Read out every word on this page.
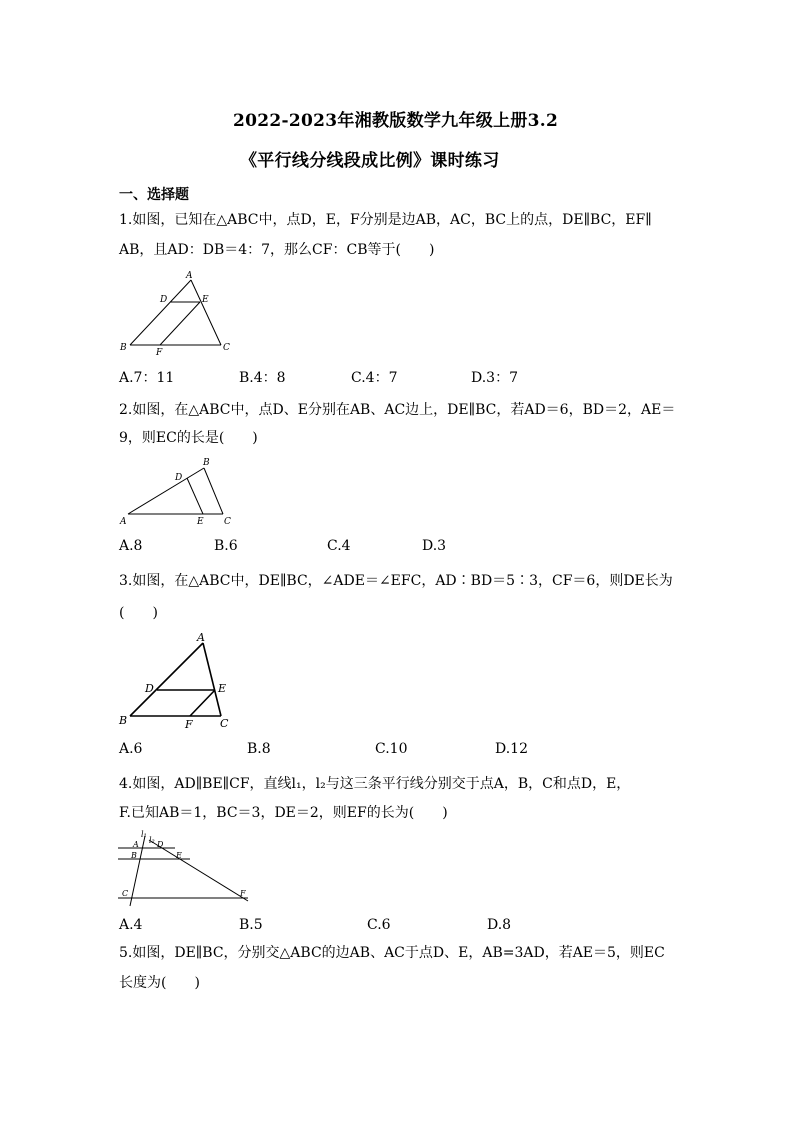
2022-2023年湘教版数学九年级上册3.2
《平行线分线段成比例》课时练习
一、选择题
1.如图，已知在△ABC中，点D，E，F分别是边AB，AC，BC上的点，DE∥BC，EF∥
AB，且AD：DB＝4：7，那么CF：CB等于(　　)
A
D	E
B	F	C
A.7：11	B.4：8	C.4：7	D.3：7
2.如图，在△ABC中，点D、E分别在AB、AC边上，DE∥BC，若AD＝6，BD＝2，AE＝
9，则EC的长是(　　)
B
D
A	E C
A.8	B.6	C.4	D.3
3.如图，在△ABC中，DE∥BC，∠ADE＝∠EFC，AD∶BD＝5∶3，CF＝6，则DE长为
(　　)
A
D	E
B	F C
A.6	B.8	C.10	D.12
4.如图，AD∥BE∥CF，直线l₁，l₂与这三条平行线分别交于点A，B，C和点D，E，
F.已知AB＝1，BC＝3，DE＝2，则EF的长为(　　)
l₁
l₂
A D
B	E
C	F
A.4	B.5	C.6	D.8
5.如图，DE∥BC，分别交△ABC的边AB、AC于点D、E，AB=3AD，若AE＝5，则EC
长度为(　　)
